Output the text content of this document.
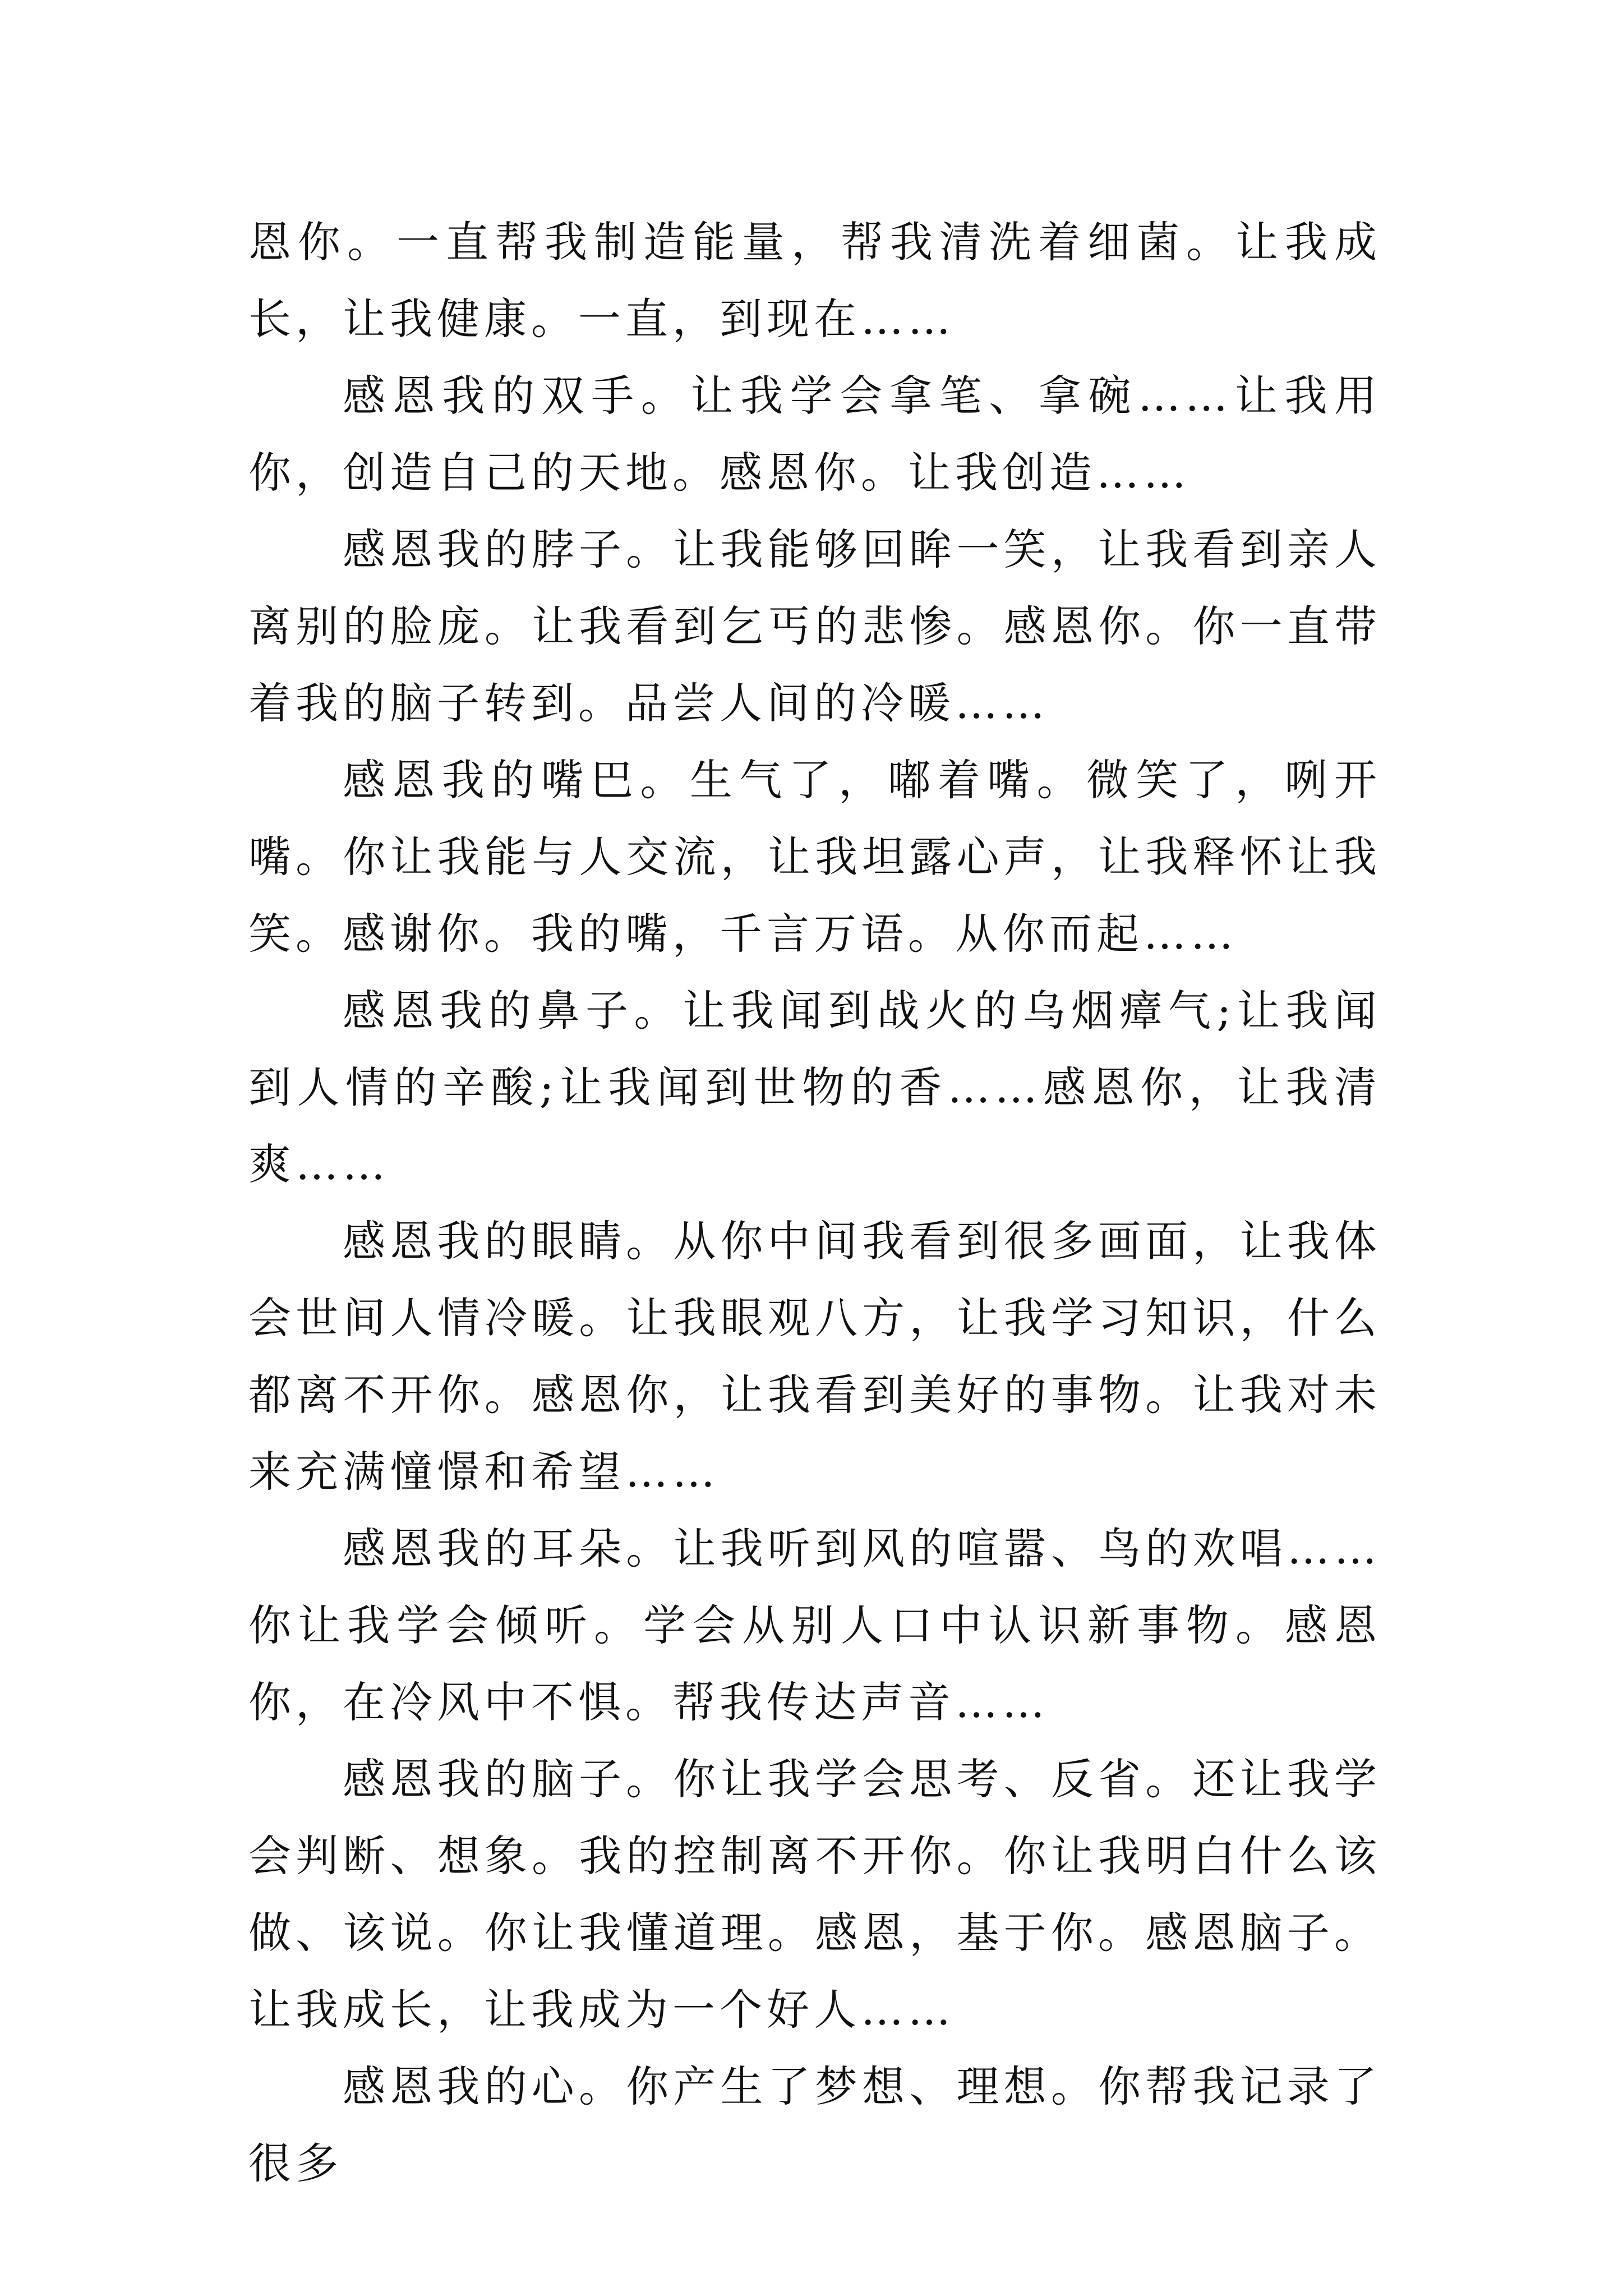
恩你。一直帮我制造能量，帮我清洗着细菌。让我成长，让我健康。一直，到现在……

感恩我的双手。让我学会拿笔、拿碗……让我用你，创造自己的天地。感恩你。让我创造……

感恩我的脖子。让我能够回眸一笑，让我看到亲人离别的脸庞。让我看到乞丐的悲惨。感恩你。你一直带着我的脑子转到。品尝人间的冷暖……

感恩我的嘴巴。生气了，嘟着嘴。微笑了，咧开嘴。你让我能与人交流，让我坦露心声，让我释怀让我笑。感谢你。我的嘴，千言万语。从你而起……

感恩我的鼻子。让我闻到战火的乌烟瘴气;让我闻到人情的辛酸;让我闻到世物的香……感恩你，让我清爽……

感恩我的眼睛。从你中间我看到很多画面，让我体会世间人情冷暖。让我眼观八方，让我学习知识，什么都离不开你。感恩你，让我看到美好的事物。让我对未来充满憧憬和希望……

感恩我的耳朵。让我听到风的喧嚣、鸟的欢唱……你让我学会倾听。学会从别人口中认识新事物。感恩你，在冷风中不惧。帮我传达声音……

感恩我的脑子。你让我学会思考、反省。还让我学会判断、想象。我的控制离不开你。你让我明白什么该做、该说。你让我懂道理。感恩，基于你。感恩脑子。让我成长，让我成为一个好人……

感恩我的心。你产生了梦想、理想。你帮我记录了很多
